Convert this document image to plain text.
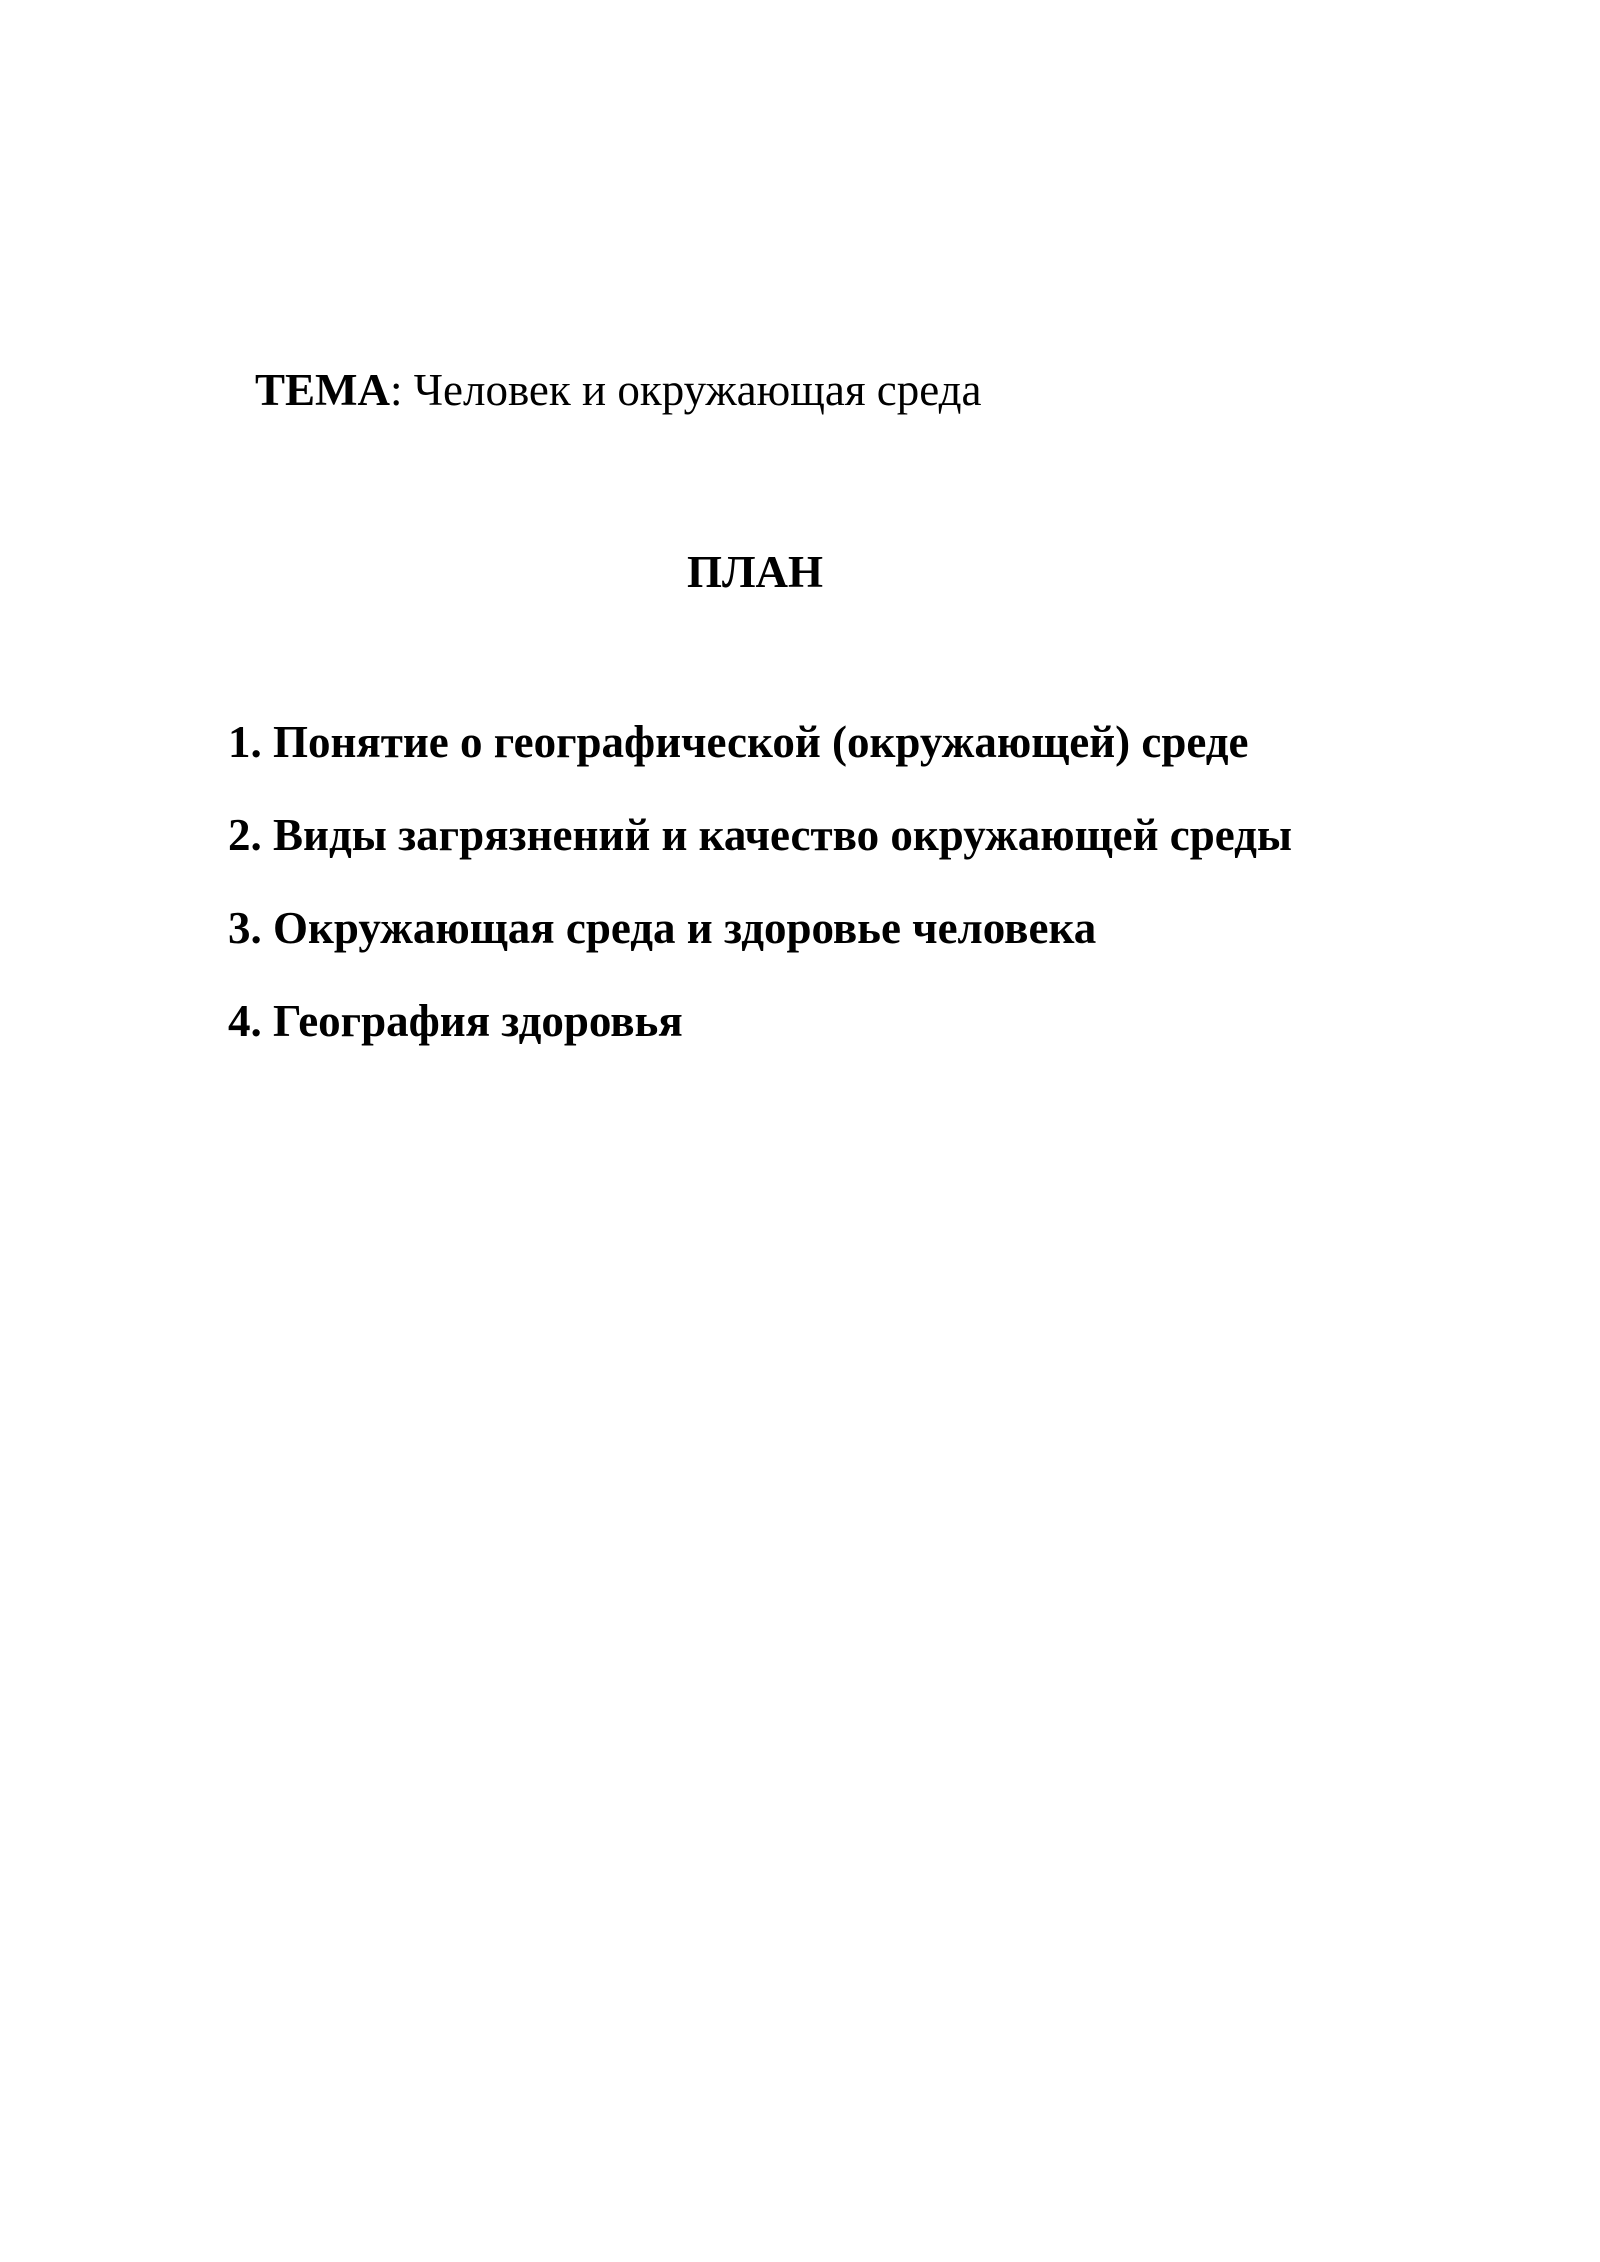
ТЕМА: Человек и окружающая среда
ПЛАН
1. Понятие о географической (окружающей) среде
2. Виды загрязнений и качество окружающей среды
3. Окружающая среда и здоровье человека
4. География здоровья
